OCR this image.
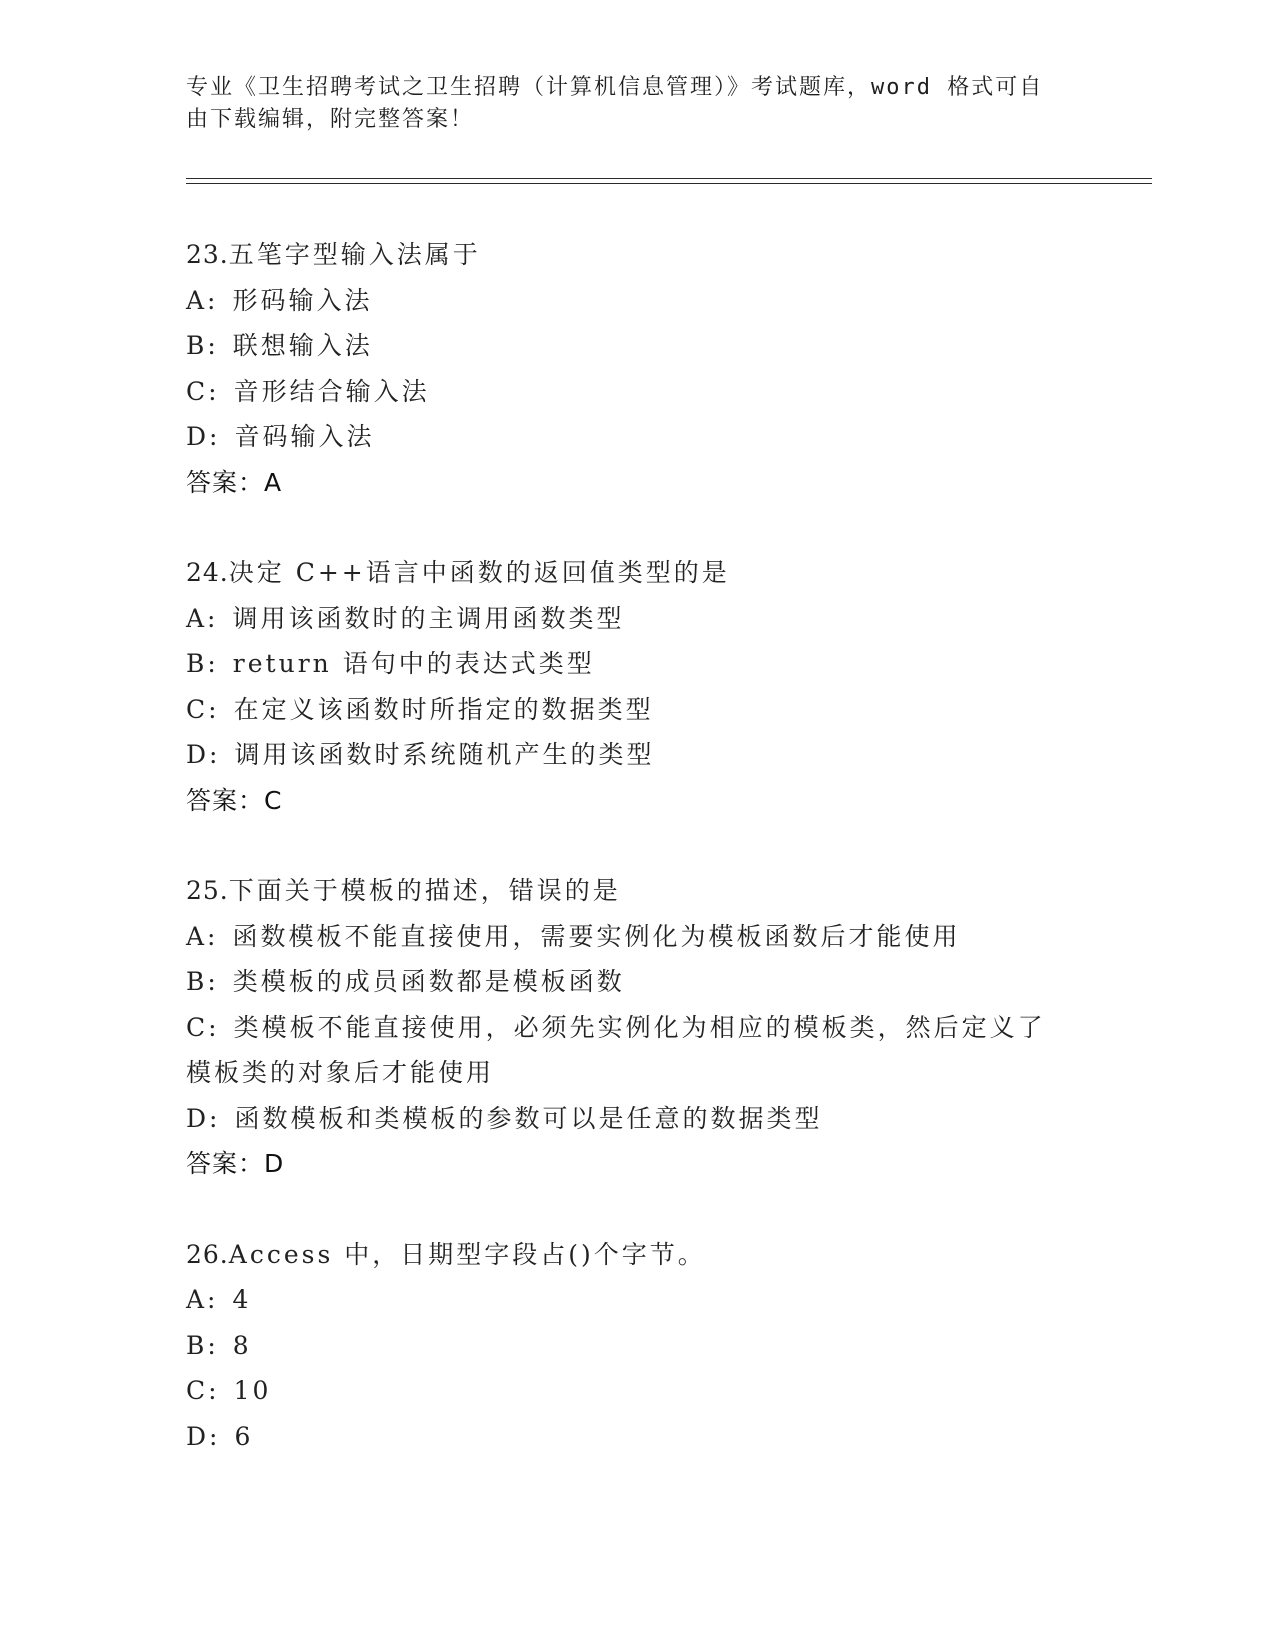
专业《卫生招聘考试之卫生招聘（计算机信息管理）》考试题库，word 格式可自
由下载编辑，附完整答案！
23.五笔字型输入法属于
A: 形码输入法
B: 联想输入法
C: 音形结合输入法
D: 音码输入法
答案：A
24.决定 C++语言中函数的返回值类型的是
A: 调用该函数时的主调用函数类型
B: return 语句中的表达式类型
C: 在定义该函数时所指定的数据类型
D: 调用该函数时系统随机产生的类型
答案：C
25.下面关于模板的描述，错误的是
A: 函数模板不能直接使用，需要实例化为模板函数后才能使用
B: 类模板的成员函数都是模板函数
C: 类模板不能直接使用，必须先实例化为相应的模板类，然后定义了模板类的对象后才能使用
D: 函数模板和类模板的参数可以是任意的数据类型
答案：D
26.Access 中，日期型字段占()个字节。
A: 4
B: 8
C: 10
D: 6
